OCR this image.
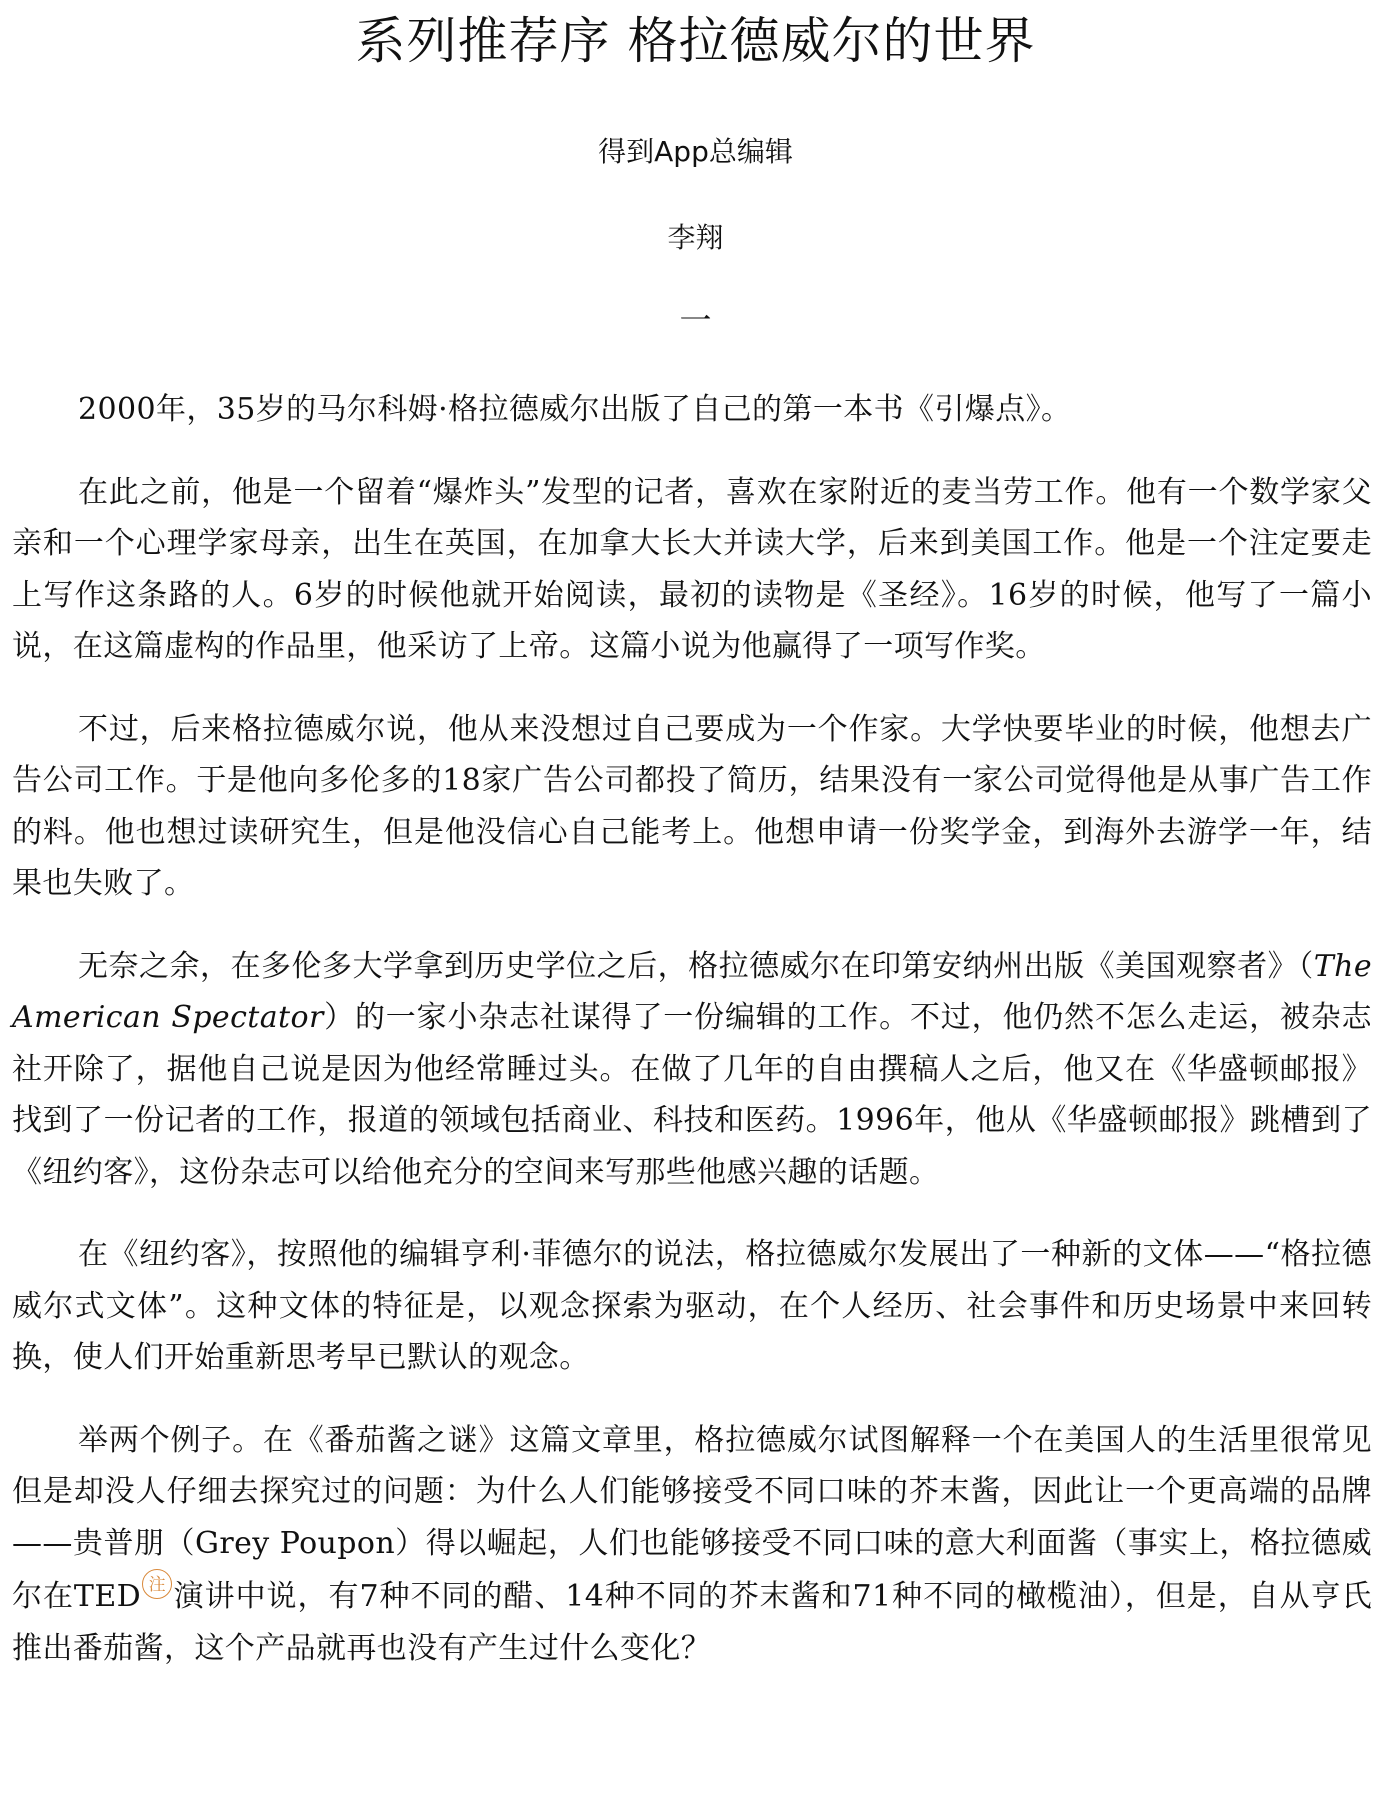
系列推荐序 格拉德威尔的世界

得到App总编辑

李翔

一

2000年，35岁的马尔科姆·格拉德威尔出版了自己的第一本书《引爆点》。

在此之前，他是一个留着“爆炸头”发型的记者，喜欢在家附近的麦当劳工作。他有一个数学家父亲和一个心理学家母亲，出生在英国，在加拿大长大并读大学，后来到美国工作。他是一个注定要走上写作这条路的人。6岁的时候他就开始阅读，最初的读物是《圣经》。16岁的时候，他写了一篇小说，在这篇虚构的作品里，他采访了上帝。这篇小说为他赢得了一项写作奖。

不过，后来格拉德威尔说，他从来没想过自己要成为一个作家。大学快要毕业的时候，他想去广告公司工作。于是他向多伦多的18家广告公司都投了简历，结果没有一家公司觉得他是从事广告工作的料。他也想过读研究生，但是他没信心自己能考上。他想申请一份奖学金，到海外去游学一年，结果也失败了。

无奈之余，在多伦多大学拿到历史学位之后，格拉德威尔在印第安纳州出版《美国观察者》（The American Spectator）的一家小杂志社谋得了一份编辑的工作。不过，他仍然不怎么走运，被杂志社开除了，据他自己说是因为他经常睡过头。在做了几年的自由撰稿人之后，他又在《华盛顿邮报》找到了一份记者的工作，报道的领域包括商业、科技和医药。1996年，他从《华盛顿邮报》跳槽到了《纽约客》，这份杂志可以给他充分的空间来写那些他感兴趣的话题。

在《纽约客》，按照他的编辑亨利·菲德尔的说法，格拉德威尔发展出了一种新的文体——“格拉德威尔式文体”。这种文体的特征是，以观念探索为驱动，在个人经历、社会事件和历史场景中来回转换，使人们开始重新思考早已默认的观念。

举两个例子。在《番茄酱之谜》这篇文章里，格拉德威尔试图解释一个在美国人的生活里很常见但是却没人仔细去探究过的问题：为什么人们能够接受不同口味的芥末酱，因此让一个更高端的品牌——贵普朋（Grey Poupon）得以崛起，人们也能够接受不同口味的意大利面酱（事实上，格拉德威尔在TED 注 演讲中说，有7种不同的醋、14种不同的芥末酱和71种不同的橄榄油），但是，自从亨氏推出番茄酱，这个产品就再也没有产生过什么变化？
